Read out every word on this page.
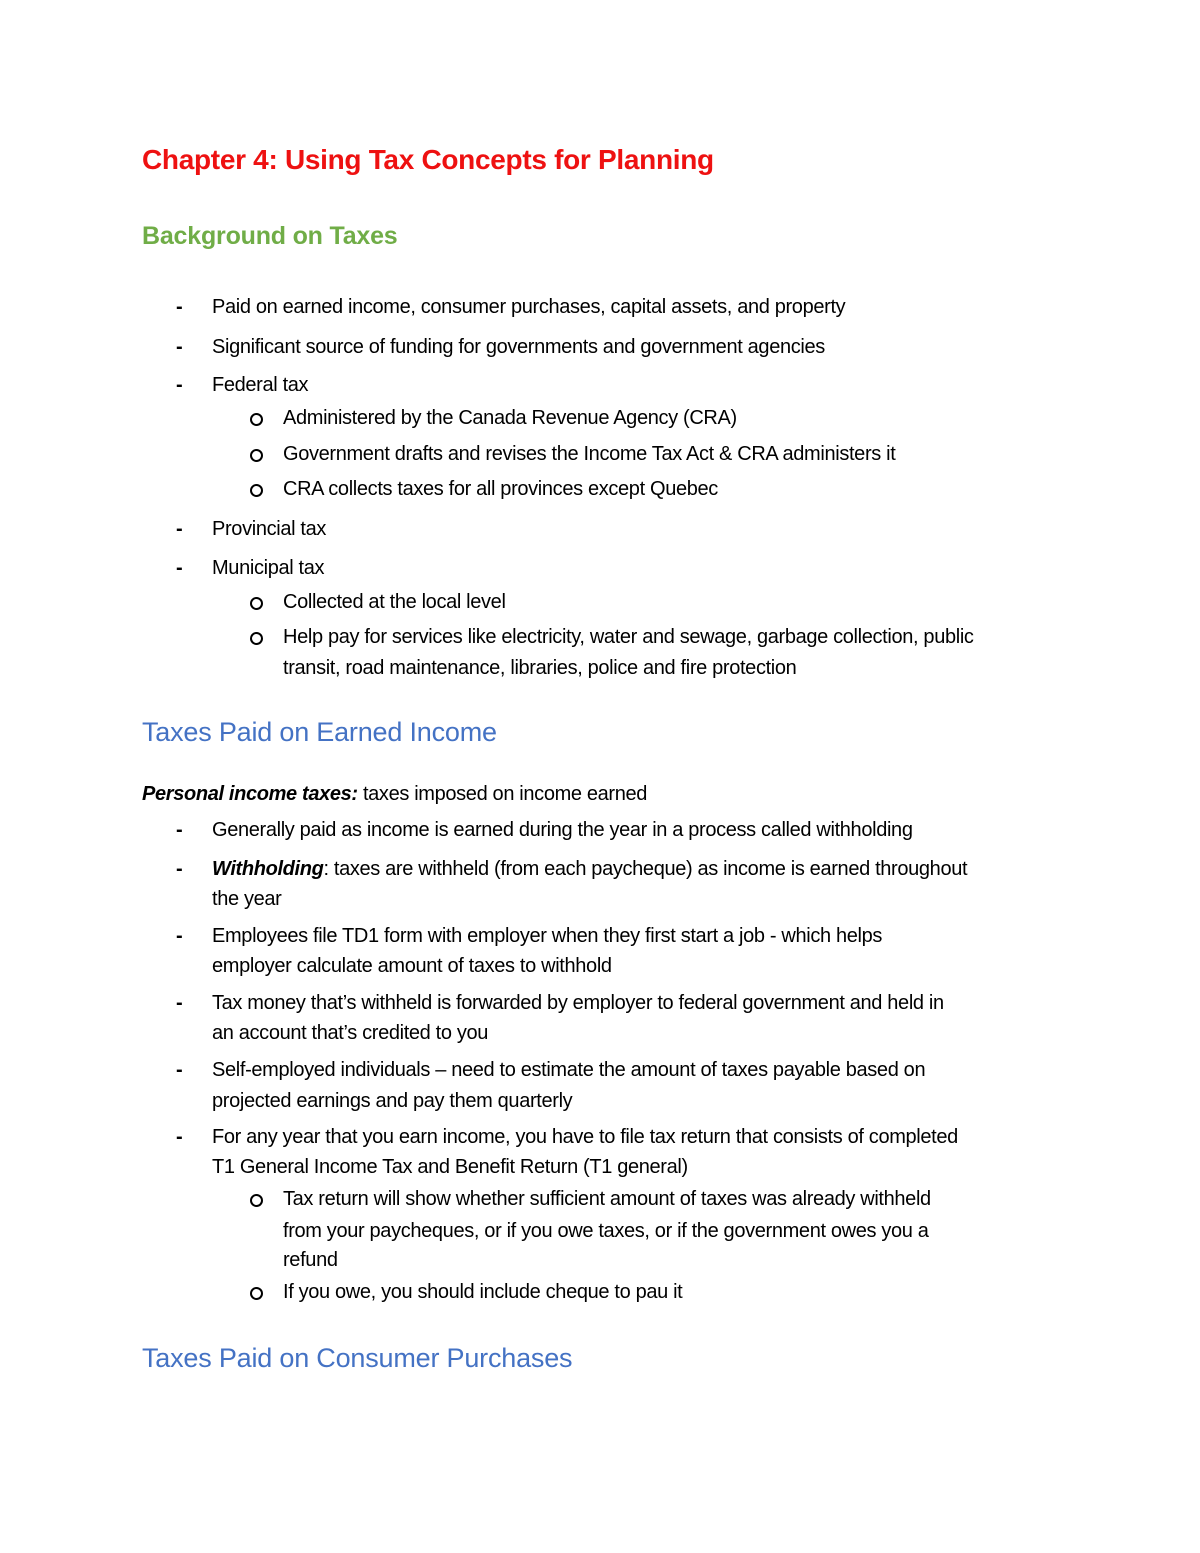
Chapter 4: Using Tax Concepts for Planning
Background on Taxes
- Paid on earned income, consumer purchases, capital assets, and property
- Significant source of funding for governments and government agencies
- Federal tax
Administered by the Canada Revenue Agency (CRA)
Government drafts and revises the Income Tax Act & CRA administers it
CRA collects taxes for all provinces except Quebec
- Provincial tax
- Municipal tax
Collected at the local level
Help pay for services like electricity, water and sewage, garbage collection, public
transit, road maintenance, libraries, police and fire protection
Taxes Paid on Earned Income
Personal income taxes: taxes imposed on income earned
- Generally paid as income is earned during the year in a process called withholding
- Withholding: taxes are withheld (from each paycheque) as income is earned throughout
the year
- Employees file TD1 form with employer when they first start a job - which helps
employer calculate amount of taxes to withhold
- Tax money that’s withheld is forwarded by employer to federal government and held in
an account that’s credited to you
- Self-employed individuals – need to estimate the amount of taxes payable based on
projected earnings and pay them quarterly
- For any year that you earn income, you have to file tax return that consists of completed
T1 General Income Tax and Benefit Return (T1 general)
Tax return will show whether sufficient amount of taxes was already withheld
from your paycheques, or if you owe taxes, or if the government owes you a
refund
If you owe, you should include cheque to pau it
Taxes Paid on Consumer Purchases
